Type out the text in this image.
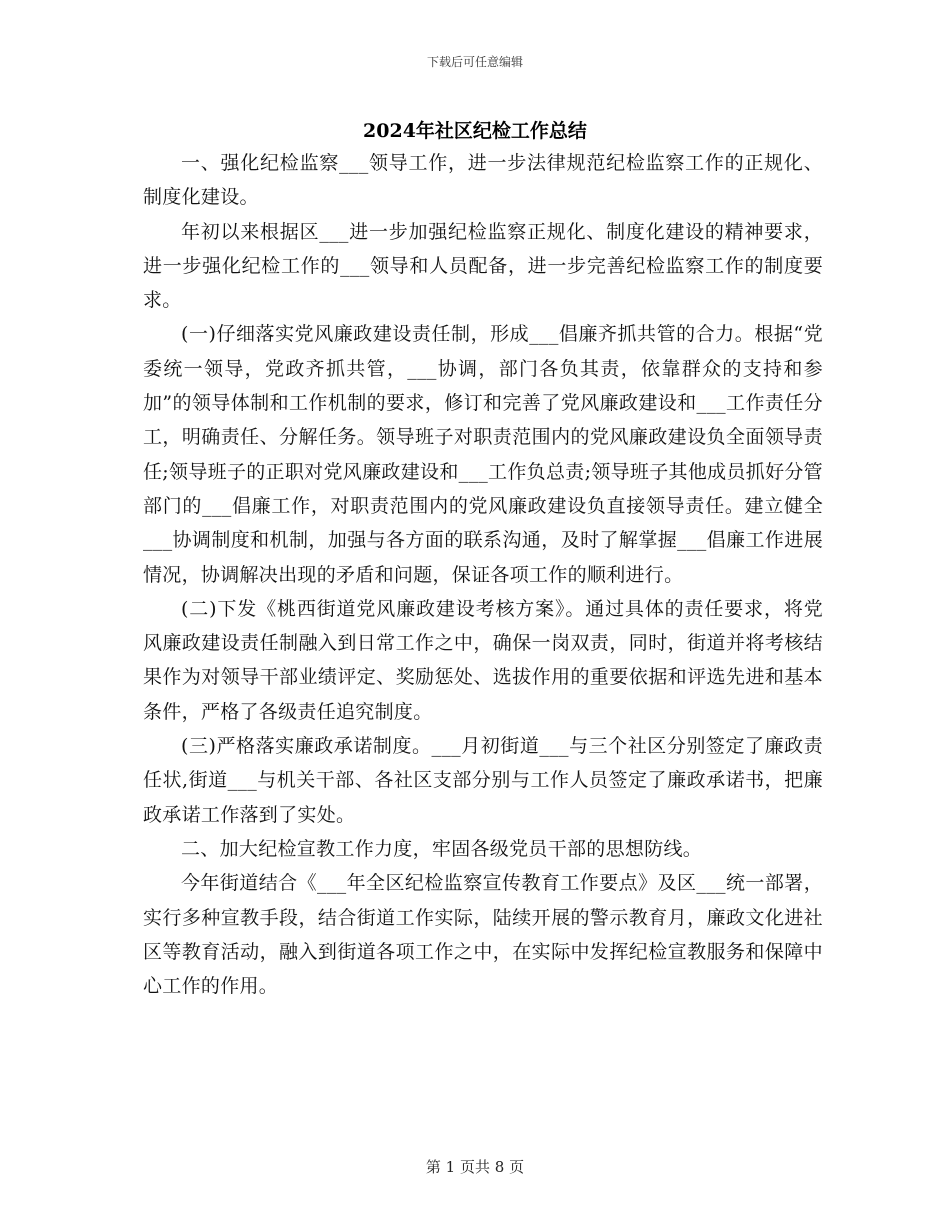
下载后可任意编辑
2024年社区纪检工作总结

一、强化纪检监察___领导工作，进一步法律规范纪检监察工作的正规化、制度化建设。

年初以来根据区___进一步加强纪检监察正规化、制度化建设的精神要求，进一步强化纪检工作的___领导和人员配备，进一步完善纪检监察工作的制度要求。

(一)仔细落实党风廉政建设责任制，形成___倡廉齐抓共管的合力。根据“党委统一领导，党政齐抓共管，___协调，部门各负其责，依靠群众的支持和参加”的领导体制和工作机制的要求，修订和完善了党风廉政建设和___工作责任分工，明确责任、分解任务。领导班子对职责范围内的党风廉政建设负全面领导责任;领导班子的正职对党风廉政建设和___工作负总责;领导班子其他成员抓好分管部门的___倡廉工作，对职责范围内的党风廉政建设负直接领导责任。建立健全___协调制度和机制，加强与各方面的联系沟通，及时了解掌握___倡廉工作进展情况，协调解决出现的矛盾和问题，保证各项工作的顺利进行。

(二)下发《桃西街道党风廉政建设考核方案》。通过具体的责任要求，将党风廉政建设责任制融入到日常工作之中，确保一岗双责，同时，街道并将考核结果作为对领导干部业绩评定、奖励惩处、选拔作用的重要依据和评选先进和基本条件，严格了各级责任追究制度。

(三)严格落实廉政承诺制度。___月初街道___与三个社区分别签定了廉政责任状,街道___与机关干部、各社区支部分别与工作人员签定了廉政承诺书，把廉政承诺工作落到了实处。

二、加大纪检宣教工作力度，牢固各级党员干部的思想防线。

今年街道结合《___年全区纪检监察宣传教育工作要点》及区___统一部署，实行多种宣教手段，结合街道工作实际，陆续开展的警示教育月，廉政文化进社区等教育活动，融入到街道各项工作之中，在实际中发挥纪检宣教服务和保障中心工作的作用。

第 1 页共 8 页
